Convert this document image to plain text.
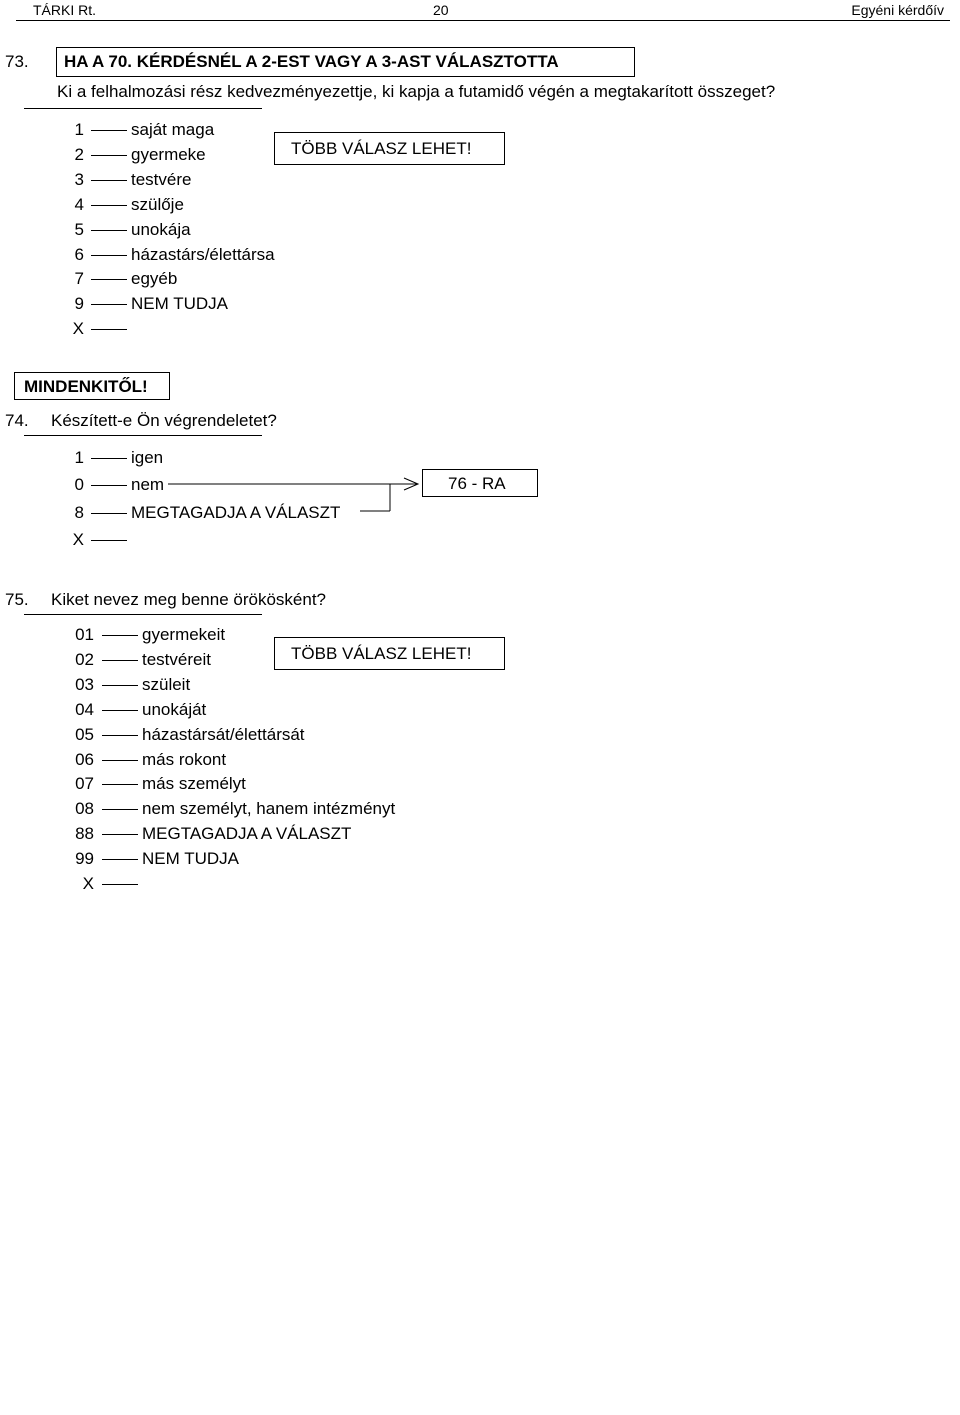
TÁRKI Rt.	20	Egyéni kérdőív
73.	HA A 70. KÉRDÉSNÉL A 2-EST VAGY A 3-AST VÁLASZTOTTA
Ki a felhalmozási rész kedvezményezettje, ki kapja a futamidő végén a megtakarított összeget?
1	saját maga
2	gyermeke
3	testvére
4	szülője
5	unokája
6	házastárs/élettársa
7	egyéb
9	NEM TUDJA
X
TÖBB VÁLASZ LEHET!
MINDENKITŐL!
74. Készített-e Ön végrendeletet?
1	igen
0	nem
8	MEGTAGADJA A VÁLASZT
X
76 - RA
75. Kiket nevez meg benne örökösként?
01	gyermekeit
02	testvéreit
03	szüleit
04	unokáját
05	házastársát/élettársát
06	más rokont
07	más személyt
08	nem személyt, hanem intézményt
88	MEGTAGADJA A VÁLASZT
99	NEM TUDJA
X
TÖBB VÁLASZ LEHET!
